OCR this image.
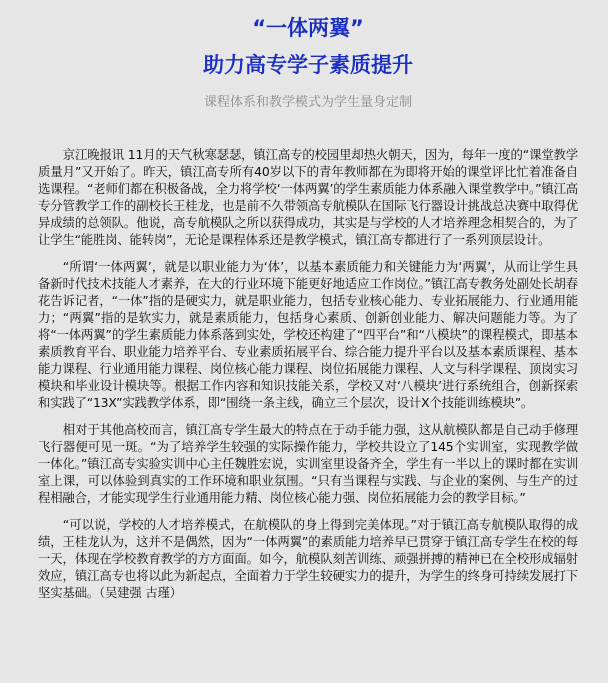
“一体两翼”
助力高专学子素质提升

课程体系和教学模式为学生量身定制

京江晚报讯 11月的天气秋寒瑟瑟，镇江高专的校园里却热火朝天，因为，每年一度的“课堂教学质量月”又开始了。昨天，镇江高专所有40岁以下的青年教师都在为即将开始的课堂评比忙着准备自选课程。“老师们都在积极备战，全力将学校‘一体两翼’的学生素质能力体系融入课堂教学中。”镇江高专分管教学工作的副校长王桂龙，也是前不久带领高专航模队在国际飞行器设计挑战总决赛中取得优异成绩的总领队。他说，高专航模队之所以获得成功，其实是与学校的人才培养理念相契合的，为了让学生“能胜岗、能转岗”，无论是课程体系还是教学模式，镇江高专都进行了一系列顶层设计。

“所谓‘一体两翼’，就是以职业能力为‘体’，以基本素质能力和关键能力为‘两翼’，从而让学生具备新时代技术技能人才素养，在大的行业环境下能更好地适应工作岗位。”镇江高专教务处副处长胡春花告诉记者，“一体”指的是硬实力，就是职业能力，包括专业核心能力、专业拓展能力、行业通用能力；“两翼”指的是软实力，就是素质能力，包括身心素质、创新创业能力、解决问题能力等。为了将“一体两翼”的学生素质能力体系落到实处，学校还构建了“四平台”和“八模块”的课程模式，即基本素质教育平台、职业能力培养平台、专业素质拓展平台、综合能力提升平台以及基本素质课程、基本能力课程、行业通用能力课程、岗位核心能力课程、岗位拓展能力课程、人文与科学课程、顶岗实习模块和毕业设计模块等。根据工作内容和知识技能关系，学校又对‘八模块’进行系统组合，创新探索和实践了“13X”实践教学体系，即“围绕一条主线，确立三个层次，设计X个技能训练模块”。

相对于其他高校而言，镇江高专学生最大的特点在于动手能力强，这从航模队都是自己动手修理飞行器便可见一斑。“为了培养学生较强的实际操作能力，学校共设立了145个实训室，实现教学做一体化。”镇江高专实验实训中心主任魏胜宏说，实训室里设备齐全，学生有一半以上的课时都在实训室上课，可以体验到真实的工作环境和职业氛围。“只有当课程与实践、与企业的案例、与生产的过程相融合，才能实现学生行业通用能力精、岗位核心能力强、岗位拓展能力会的教学目标。”

“可以说，学校的人才培养模式，在航模队的身上得到完美体现。”对于镇江高专航模队取得的成绩，王桂龙认为，这并不是偶然，因为“一体两翼”的素质能力培养早已贯穿于镇江高专学生在校的每一天，体现在学校教育教学的方方面面。如今，航模队刻苦训练、顽强拼搏的精神已在全校形成辐射效应，镇江高专也将以此为新起点，全面着力于学生较硬实力的提升，为学生的终身可持续发展打下坚实基础。（吴建强 古瑾）
